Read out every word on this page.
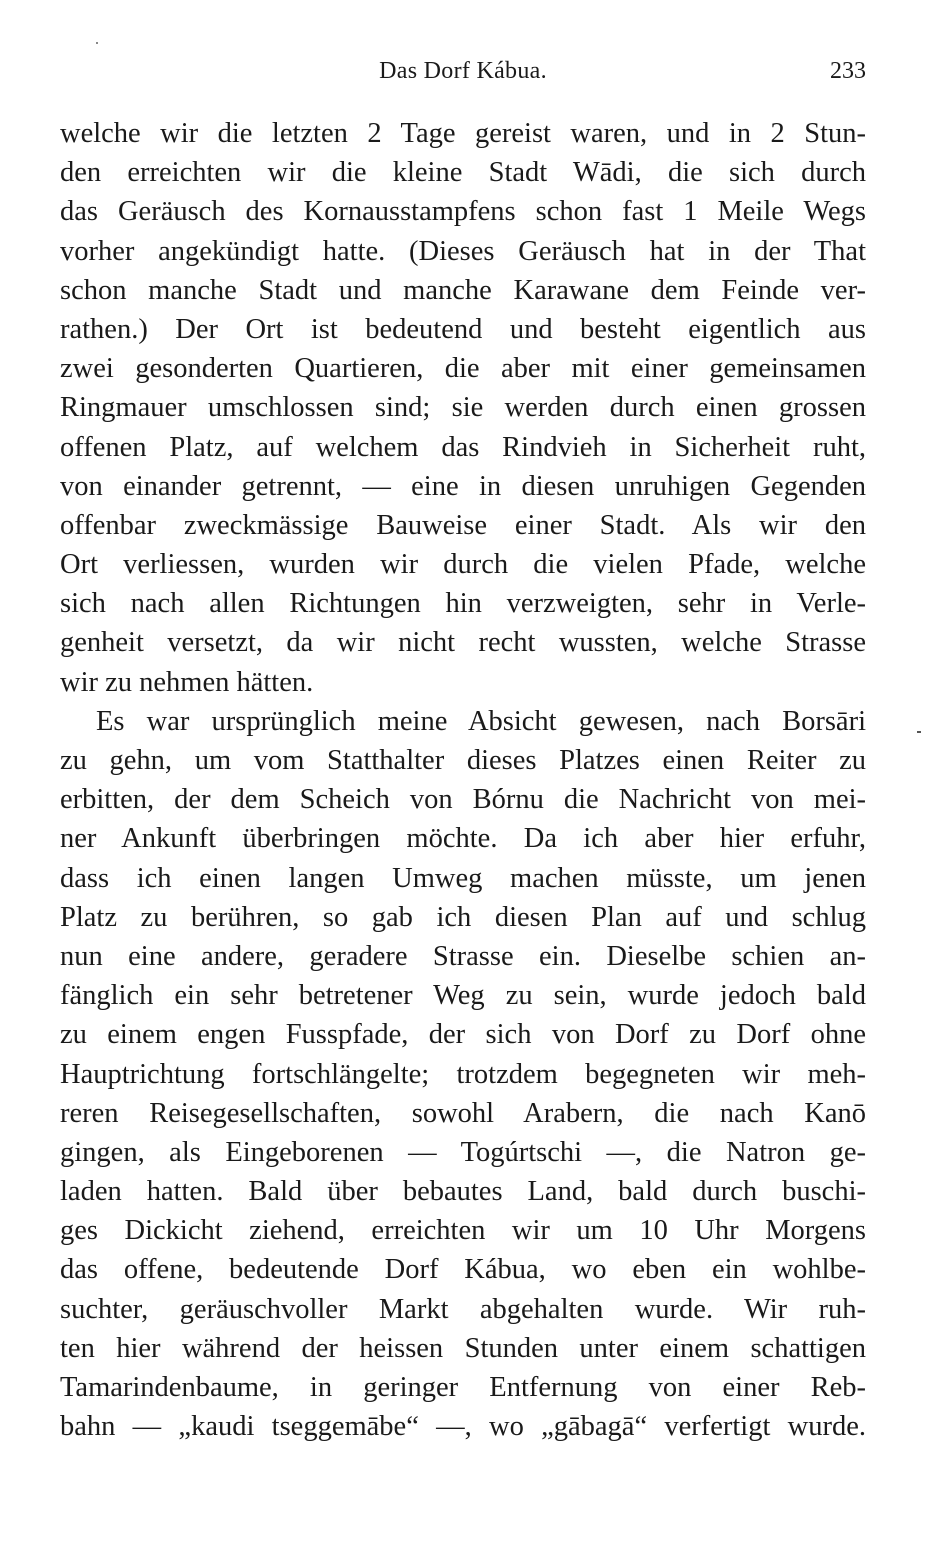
Das Dorf Kábua.	233
welche wir die letzten 2 Tage gereist waren, und in 2 Stun-
den erreichten wir die kleine Stadt Wādi, die sich durch
das Geräusch des Kornausstampfens schon fast 1 Meile Wegs
vorher angekündigt hatte. (Dieses Geräusch hat in der That
schon manche Stadt und manche Karawane dem Feinde ver-
rathen.) Der Ort ist bedeutend und besteht eigentlich aus
zwei gesonderten Quartieren, die aber mit einer gemeinsamen
Ringmauer umschlossen sind; sie werden durch einen grossen
offenen Platz, auf welchem das Rindvieh in Sicherheit ruht,
von einander getrennt, — eine in diesen unruhigen Gegenden
offenbar zweckmässige Bauweise einer Stadt. Als wir den
Ort verliessen, wurden wir durch die vielen Pfade, welche
sich nach allen Richtungen hin verzweigten, sehr in Verle-
genheit versetzt, da wir nicht recht wussten, welche Strasse
wir zu nehmen hätten.
Es war ursprünglich meine Absicht gewesen, nach Borsāri
zu gehn, um vom Statthalter dieses Platzes einen Reiter zu
erbitten, der dem Scheich von Bórnu die Nachricht von mei-
ner Ankunft überbringen möchte. Da ich aber hier erfuhr,
dass ich einen langen Umweg machen müsste, um jenen
Platz zu berühren, so gab ich diesen Plan auf und schlug
nun eine andere, geradere Strasse ein. Dieselbe schien an-
fänglich ein sehr betretener Weg zu sein, wurde jedoch bald
zu einem engen Fusspfade, der sich von Dorf zu Dorf ohne
Hauptrichtung fortschlängelte; trotzdem begegneten wir meh-
reren Reisegesellschaften, sowohl Arabern, die nach Kanō
gingen, als Eingeborenen — Togúrtschi —, die Natron ge-
laden hatten. Bald über bebautes Land, bald durch buschi-
ges Dickicht ziehend, erreichten wir um 10 Uhr Morgens
das offene, bedeutende Dorf Kábua, wo eben ein wohlbe-
suchter, geräuschvoller Markt abgehalten wurde. Wir ruh-
ten hier während der heissen Stunden unter einem schattigen
Tamarindenbaume, in geringer Entfernung von einer Reb-
bahn — „kaudi tseggemābe“ —, wo „gābagā“ verfertigt wurde.
